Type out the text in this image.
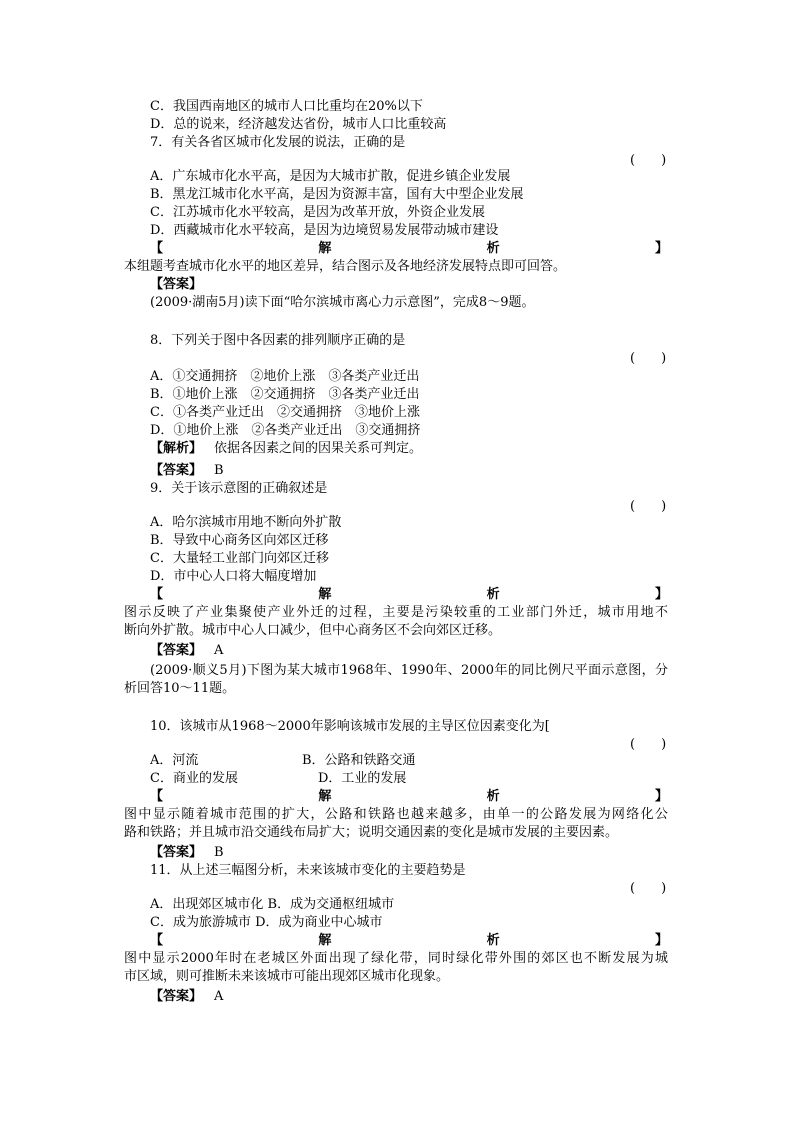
C．我国西南地区的城市人口比重均在20%以下
D．总的说来，经济越发达省份，城市人口比重较高
7．有关各省区城市化发展的说法，正确的是
(　　)
A．广东城市化水平高，是因为大城市扩散，促进乡镇企业发展
B．黑龙江城市化水平高，是因为资源丰富，国有大中型企业发展
C．江苏城市化水平较高，是因为改革开放，外资企业发展
D．西藏城市化水平较高，是因为边境贸易发展带动城市建设
【	解	析	】
本组题考查城市化水平的地区差异，结合图示及各地经济发展特点即可回答。
【答案】
(2009·湖南5月)读下面“哈尔滨城市离心力示意图”，完成8～9题。
8．下列关于图中各因素的排列顺序正确的是
(　　)
A．①交通拥挤　②地价上涨　③各类产业迁出
B．①地价上涨　②交通拥挤　③各类产业迁出
C．①各类产业迁出　②交通拥挤　③地价上涨
D．①地价上涨　②各类产业迁出　③交通拥挤
【解析】 依据各因素之间的因果关系可判定。
【答案】 B
9．关于该示意图的正确叙述是
(　　)
A．哈尔滨城市用地不断向外扩散
B．导致中心商务区向郊区迁移
C．大量轻工业部门向郊区迁移
D．市中心人口将大幅度增加
【	解	析	】
图示反映了产业集聚使产业外迁的过程，主要是污染较重的工业部门外迁，城市用地不
断向外扩散。城市中心人口减少，但中心商务区不会向郊区迁移。
【答案】 A
(2009·顺义5月)下图为某大城市1968年、1990年、2000年的同比例尺平面示意图，分
析回答10～11题。
10．该城市从1968～2000年影响该城市发展的主导区位因素变化为[
(　　)
A．河流	B．公路和铁路交通
C．商业的发展	D．工业的发展
【	解	析	】
图中显示随着城市范围的扩大，公路和铁路也越来越多，由单一的公路发展为网络化公
路和铁路；并且城市沿交通线布局扩大；说明交通因素的变化是城市发展的主要因素。
【答案】 B
11．从上述三幅图分析，未来该城市变化的主要趋势是
(　　)
A．出现郊区城市化 B．成为交通枢纽城市
C．成为旅游城市 D．成为商业中心城市
【	解	析	】
图中显示2000年时在老城区外面出现了绿化带，同时绿化带外围的郊区也不断发展为城
市区域，则可推断未来该城市可能出现郊区城市化现象。
【答案】 A
